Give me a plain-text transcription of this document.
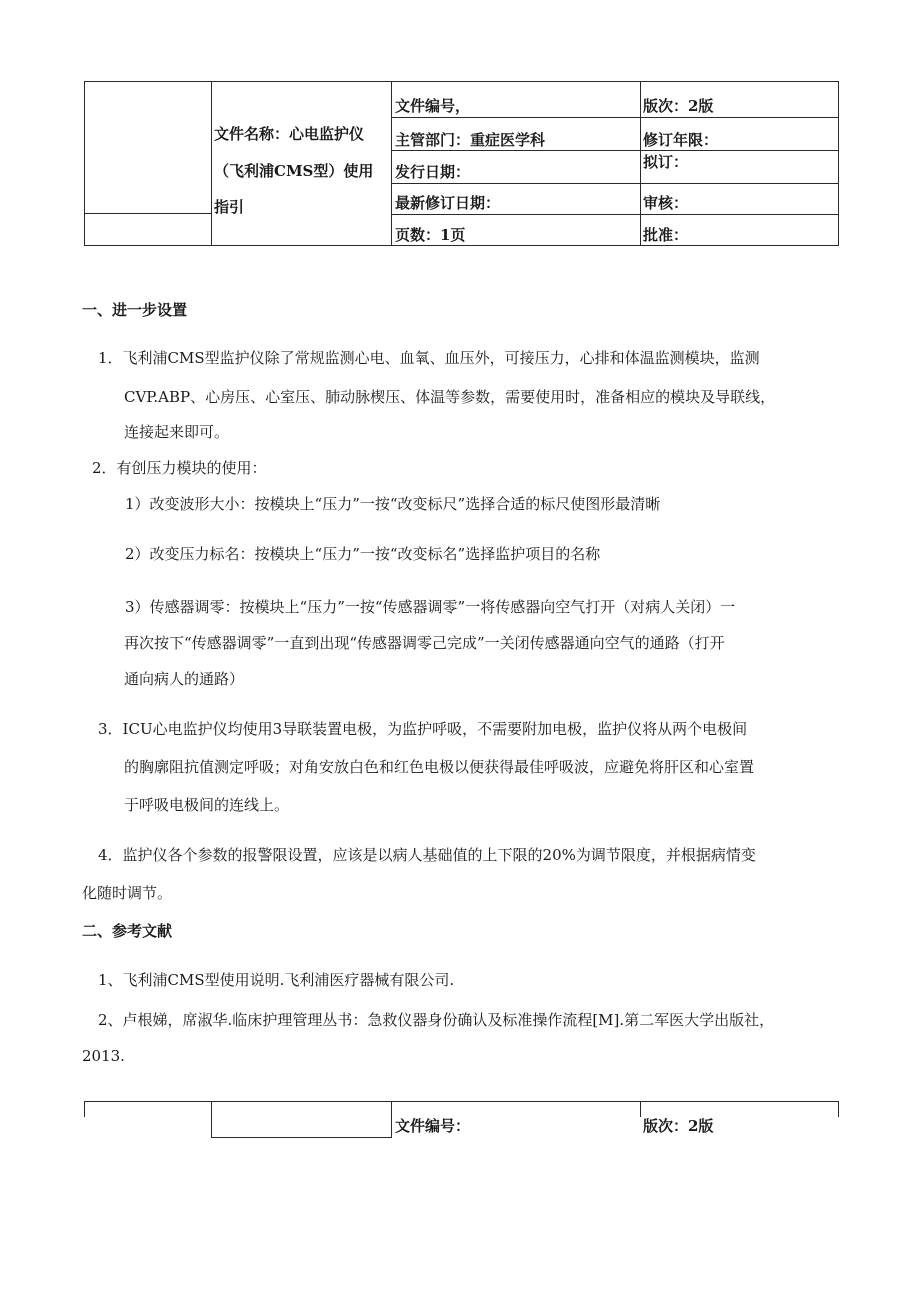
文件名称：心电监护仪
（飞利浦CMS型）使用
指引
文件编号，
主管部门：重症医学科
发行日期：
最新修订日期：
页数：1页
版次：2版
修订年限：
拟订：
审核：
批准：
一、进一步设置
1．飞利浦CMS型监护仪除了常规监测心电、血氧、血压外，可接压力，心排和体温监测模块，监测
CVP.ABP、心房压、心室压、肺动脉楔压、体温等参数，需要使用时，准备相应的模块及导联线，
连接起来即可。
2．有创压力模块的使用：
1）改变波形大小：按模块上“压力”一按“改变标尺”选择合适的标尺使图形最清晰
2）改变压力标名：按模块上“压力”一按“改变标名”选择监护项目的名称
3）传感器调零：按模块上“压力”一按“传感器调零”一将传感器向空气打开（对病人关闭）一
再次按下“传感器调零”一直到出现“传感器调零己完成”一关闭传感器通向空气的通路（打开
通向病人的通路）
3．ICU心电监护仪均使用3导联装置电极，为监护呼吸，不需要附加电极，监护仪将从两个电极间
的胸廓阻抗值测定呼吸；对角安放白色和红色电极以便获得最佳呼吸波，应避免将肝区和心室置
于呼吸电极间的连线上。
4．监护仪各个参数的报警限设置，应该是以病人基础值的上下限的20%为调节限度，并根据病情变
化随时调节。
二、参考文献
1、飞利浦CMS型使用说明.飞利浦医疗器械有限公司.
2、卢根娣，席淑华.临床护理管理丛书：急救仪器身份确认及标准操作流程[M].第二军医大学出版社，
2013.
文件编号：	版次：2版
